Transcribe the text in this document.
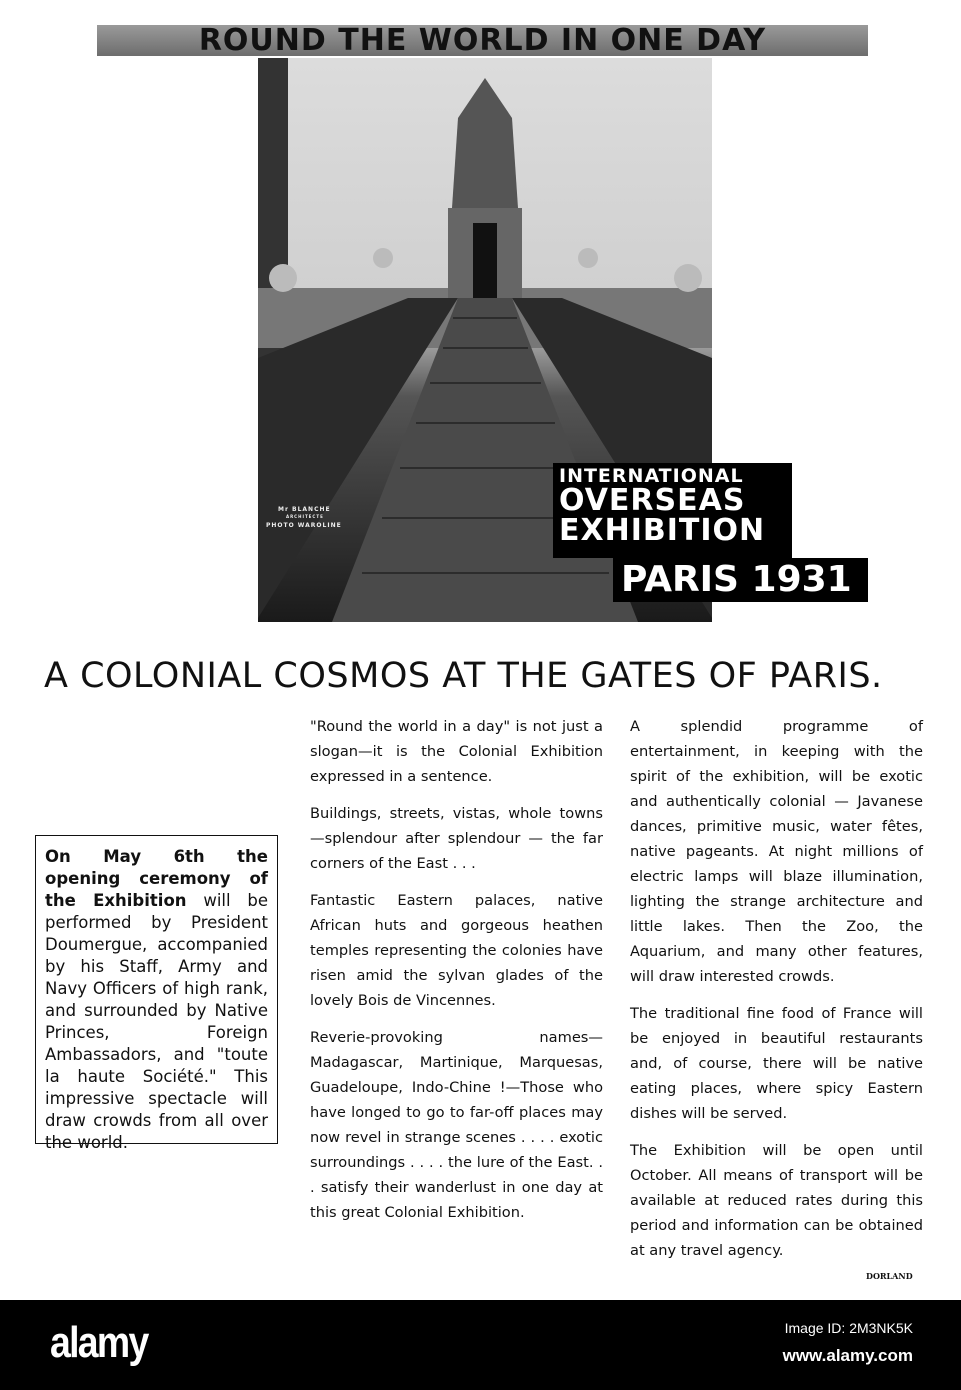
ROUND THE WORLD IN ONE DAY
Mr BLANCHE
ARCHITECTE
PHOTO WAROLINE
INTERNATIONAL
OVERSEAS
EXHIBITION
PARIS 1931
A COLONIAL COSMOS AT THE GATES OF PARIS.
On May 6th the opening ceremony of the Exhibition will be performed by President Doumergue, accompanied by his Staff, Army and Navy Officers of high rank, and surrounded by Native Princes, Foreign Ambassadors, and "toute la haute Société." This impressive spectacle will draw crowds from all over the world.

"Round the world in a day" is not just a slogan—it is the Colonial Exhibition expressed in a sentence.

Buildings, streets, vistas, whole towns—splendour after splendour — the far corners of the East . . .

Fantastic Eastern palaces, native African huts and gorgeous heathen temples representing the colonies have risen amid the sylvan glades of the lovely Bois de Vincennes.

Reverie-provoking names—Madagascar, Martinique, Marquesas, Guadeloupe, Indo-Chine !—Those who have longed to go to far-off places may now revel in strange scenes . . . . exotic surroundings . . . . the lure of the East. . . satisfy their wanderlust in one day at this great Colonial Exhibition.

A splendid programme of entertainment, in keeping with the spirit of the exhibition, will be exotic and authentically colonial — Javanese dances, primitive music, water fêtes, native pageants. At night millions of electric lamps will blaze illumination, lighting the strange architecture and little lakes. Then the Zoo, the Aquarium, and many other features, will draw interested crowds.

The traditional fine food of France will be enjoyed in beautiful restaurants and, of course, there will be native eating places, where spicy Eastern dishes will be served.

The Exhibition will be open until October. All means of transport will be available at reduced rates during this period and information can be obtained at any travel agency.

DORLAND
alamy	Image ID: 2M3NK5K
www.alamy.com
